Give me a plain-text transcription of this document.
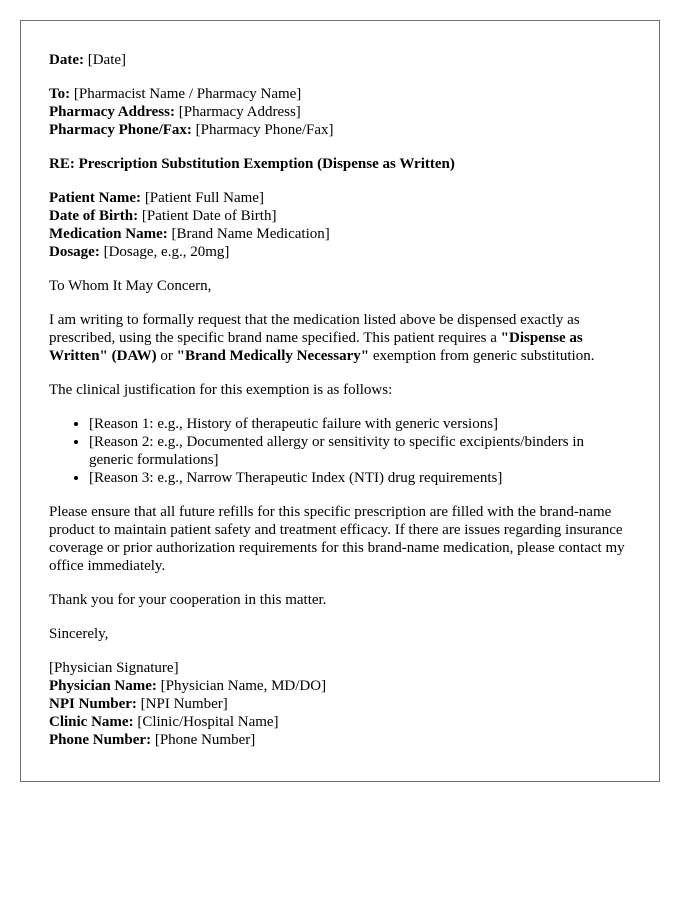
Date: [Date]

To: [Pharmacist Name / Pharmacy Name]
Pharmacy Address: [Pharmacy Address]
Pharmacy Phone/Fax: [Pharmacy Phone/Fax]

RE: Prescription Substitution Exemption (Dispense as Written)

Patient Name: [Patient Full Name]
Date of Birth: [Patient Date of Birth]
Medication Name: [Brand Name Medication]
Dosage: [Dosage, e.g., 20mg]

To Whom It May Concern,

I am writing to formally request that the medication listed above be dispensed exactly as prescribed, using the specific brand name specified. This patient requires a "Dispense as Written" (DAW) or "Brand Medically Necessary" exemption from generic substitution.

The clinical justification for this exemption is as follows:

• [Reason 1: e.g., History of therapeutic failure with generic versions]
• [Reason 2: e.g., Documented allergy or sensitivity to specific excipients/binders in generic formulations]
• [Reason 3: e.g., Narrow Therapeutic Index (NTI) drug requirements]

Please ensure that all future refills for this specific prescription are filled with the brand-name product to maintain patient safety and treatment efficacy. If there are issues regarding insurance coverage or prior authorization requirements for this brand-name medication, please contact my office immediately.

Thank you for your cooperation in this matter.

Sincerely,

[Physician Signature]
Physician Name: [Physician Name, MD/DO]
NPI Number: [NPI Number]
Clinic Name: [Clinic/Hospital Name]
Phone Number: [Phone Number]
